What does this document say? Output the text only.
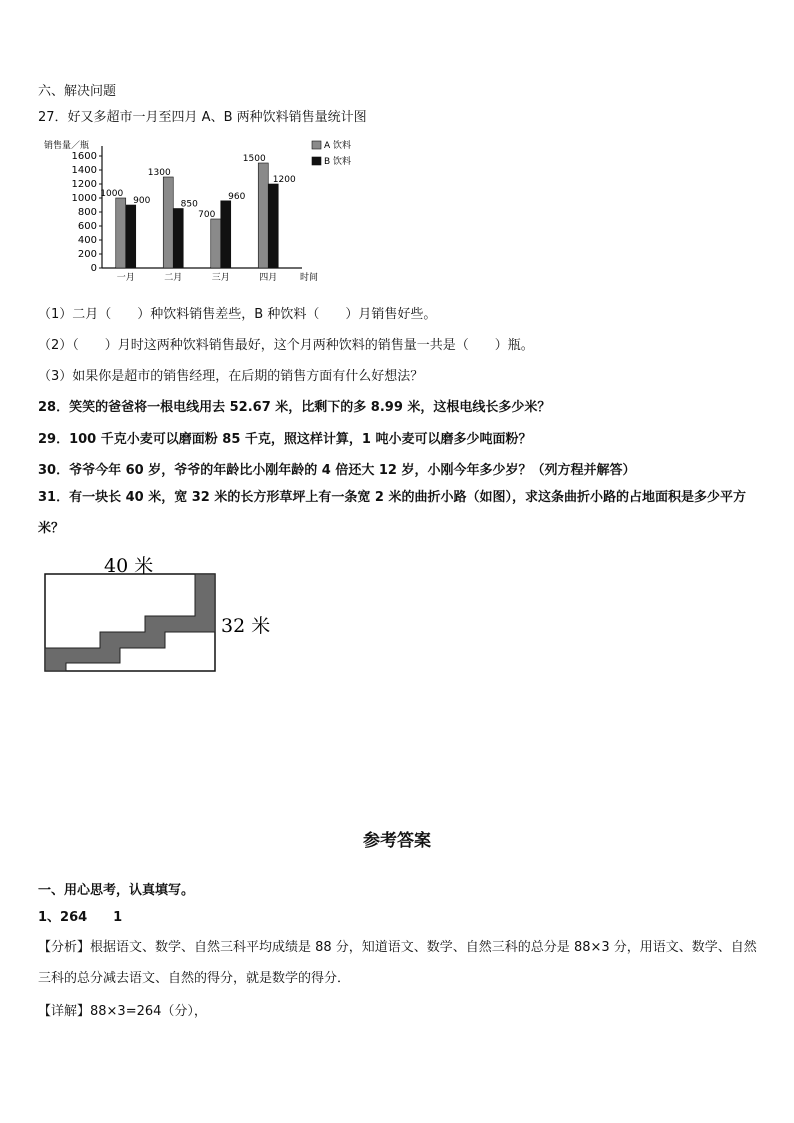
六、解决问题
27．好又多超市一月至四月 A、B 两种饮料销售量统计图
销售量／瓶
时间
0
200
400
600
800
1000
1200
1400
1600
一月
1000
900
二月
1300
850
三月
700
960
四月
1500
1200
A 饮料
B 饮料
（1）二月（　　）种饮料销售差些，B 种饮料（　　）月销售好些。
（2）（　　）月时这两种饮料销售最好，这个月两种饮料的销售量一共是（　　）瓶。
（3）如果你是超市的销售经理，在后期的销售方面有什么好想法？
28．笑笑的爸爸将一根电线用去 52.67 米，比剩下的多 8.99 米，这根电线长多少米？
29．100 千克小麦可以磨面粉 85 千克，照这样计算，1 吨小麦可以磨多少吨面粉？
30．爷爷今年 60 岁，爷爷的年龄比小刚年龄的 4 倍还大 12 岁，小刚今年多少岁？（列方程并解答）
31．有一块长 40 米，宽 32 米的长方形草坪上有一条宽 2 米的曲折小路（如图），求这条曲折小路的占地面积是多少平方米？
40 米
32 米
参考答案
一、用心思考，认真填写。
1、264　　1
【分析】根据语文、数学、自然三科平均成绩是 88 分，知道语文、数学、自然三科的总分是 88×3 分，用语文、数学、自然三科的总分减去语文、自然的得分，就是数学的得分．
【详解】88×3=264（分），
